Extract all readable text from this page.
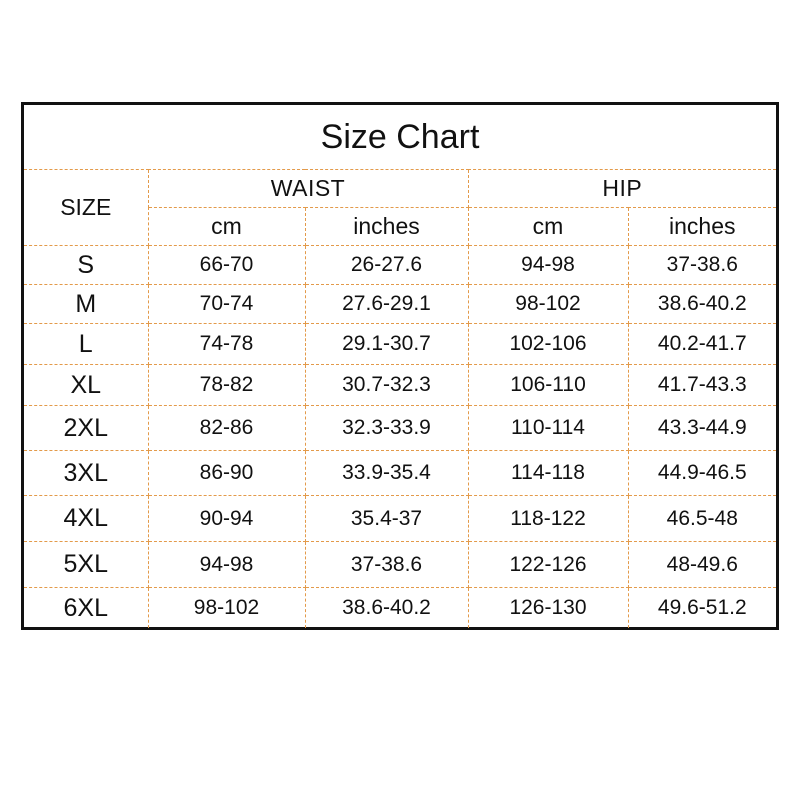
Size Chart				
SIZE	WAIST		HIP	
	cm	inches	cm	inches
S	66-70	26-27.6	94-98	37-38.6
M	70-74	27.6-29.1	98-102	38.6-40.2
L	74-78	29.1-30.7	102-106	40.2-41.7
XL	78-82	30.7-32.3	106-110	41.7-43.3
2XL	82-86	32.3-33.9	110-114	43.3-44.9
3XL	86-90	33.9-35.4	114-118	44.9-46.5
4XL	90-94	35.4-37	118-122	46.5-48
5XL	94-98	37-38.6	122-126	48-49.6
6XL	98-102	38.6-40.2	126-130	49.6-51.2
